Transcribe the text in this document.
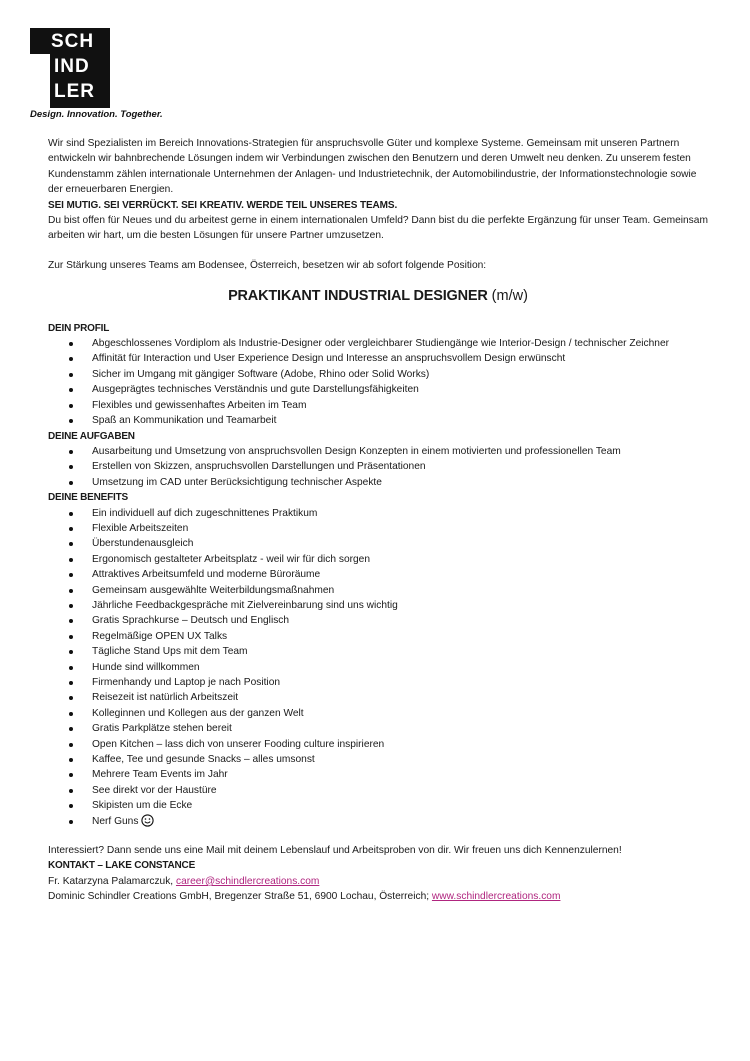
SCH
IND
LER
Design. Innovation. Together.

Wir sind Spezialisten im Bereich Innovations-Strategien für anspruchsvolle Güter und komplexe Systeme. Gemeinsam mit unseren Partnern entwickeln wir bahnbrechende Lösungen indem wir Verbindungen zwischen den Benutzern und deren Umwelt neu denken. Zu unserem festen Kundenstamm zählen internationale Unternehmen der Anlagen- und Industrietechnik, der Automobilindustrie, der Informationstechnologie sowie der erneuerbaren Energien.

SEI MUTIG. SEI VERRÜCKT. SEI KREATIV. WERDE TEIL UNSERES TEAMS.

Du bist offen für Neues und du arbeitest gerne in einem internationalen Umfeld? Dann bist du die perfekte Ergänzung für unser Team. Gemeinsam arbeiten wir hart, um die besten Lösungen für unsere Partner umzusetzen.

Zur Stärkung unseres Teams am Bodensee, Österreich, besetzen wir ab sofort folgende Position:

PRAKTIKANT INDUSTRIAL DESIGNER (m/w)
DEIN PROFIL
Abgeschlossenes Vordiplom als Industrie-Designer oder vergleichbarer Studiengänge wie Interior-Design / technischer Zeichner
Affinität für Interaction und User Experience Design und Interesse an anspruchsvollem Design erwünscht
Sicher im Umgang mit gängiger Software (Adobe, Rhino oder Solid Works)
Ausgeprägtes technisches Verständnis und gute Darstellungsfähigkeiten
Flexibles und gewissenhaftes Arbeiten im Team
Spaß an Kommunikation und Teamarbeit
DEINE AUFGABEN
Ausarbeitung und Umsetzung von anspruchsvollen Design Konzepten in einem motivierten und professionellen Team
Erstellen von Skizzen, anspruchsvollen Darstellungen und Präsentationen
Umsetzung im CAD unter Berücksichtigung technischer Aspekte
DEINE BENEFITS
Ein individuell auf dich zugeschnittenes Praktikum
Flexible Arbeitszeiten
Überstundenausgleich
Ergonomisch gestalteter Arbeitsplatz - weil wir für dich sorgen
Attraktives Arbeitsumfeld und moderne Büroräume
Gemeinsam ausgewählte Weiterbildungsmaßnahmen
Jährliche Feedbackgespräche mit Zielvereinbarung sind uns wichtig
Gratis Sprachkurse – Deutsch und Englisch
Regelmäßige OPEN UX Talks
Tägliche Stand Ups mit dem Team
Hunde sind willkommen
Firmenhandy und Laptop je nach Position
Reisezeit ist natürlich Arbeitszeit
Kolleginnen und Kollegen aus der ganzen Welt
Gratis Parkplätze stehen bereit
Open Kitchen – lass dich von unserer Fooding culture inspirieren
Kaffee, Tee und gesunde Snacks – alles umsonst
Mehrere Team Events im Jahr
See direkt vor der Haustüre
Skipisten um die Ecke
Nerf Guns

Interessiert? Dann sende uns eine Mail mit deinem Lebenslauf und Arbeitsproben von dir. Wir freuen uns dich Kennenzulernen!

KONTAKT – LAKE CONSTANCE

Fr. Katarzyna Palamarczuk, career@schindlercreations.com

Dominic Schindler Creations GmbH, Bregenzer Straße 51, 6900 Lochau, Österreich; www.schindlercreations.com
